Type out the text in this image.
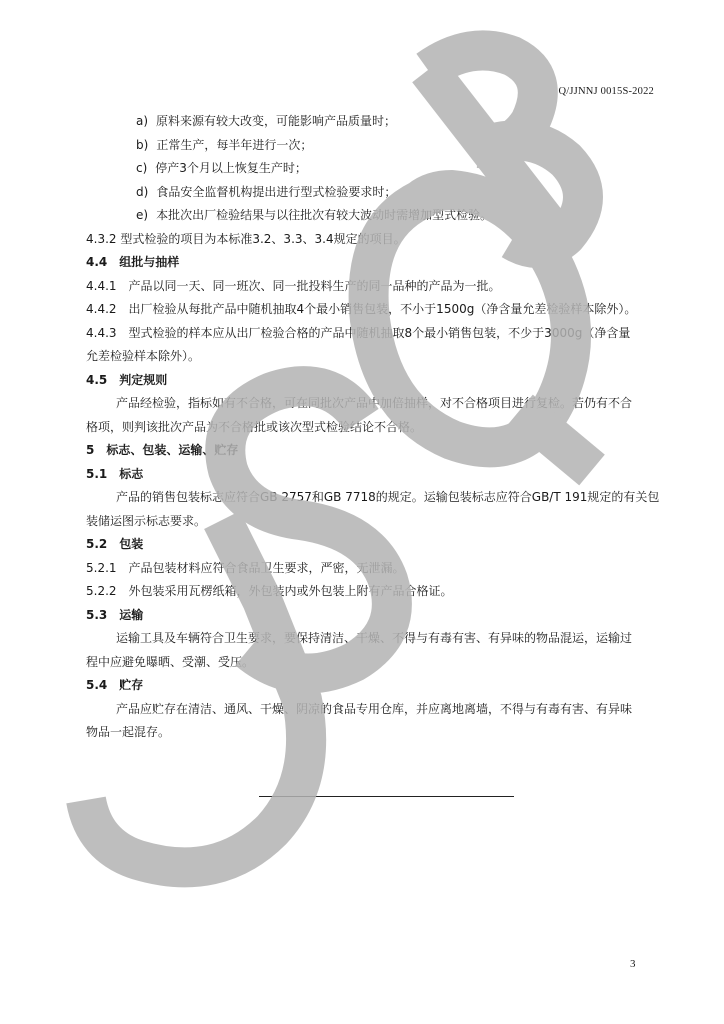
Q/JJNNJ 0015S-2022
a) 原料来源有较大改变，可能影响产品质量时；
b) 正常生产，每半年进行一次；
c) 停产3个月以上恢复生产时；
d) 食品安全监督机构提出进行型式检验要求时；
e) 本批次出厂检验结果与以往批次有较大波动时需增加型式检验。
4.3.2 型式检验的项目为本标准3.2、3.3、3.4规定的项目。
4.4 组批与抽样
4.4.1 产品以同一天、同一班次、同一批投料生产的同一品种的产品为一批。
4.4.2 出厂检验从每批产品中随机抽取4个最小销售包装，不小于1500g（净含量允差检验样本除外）。
4.4.3 型式检验的样本应从出厂检验合格的产品中随机抽取8个最小销售包装，不少于3000g（净含量
允差检验样本除外）。
4.5 判定规则
产品经检验，指标如有不合格，可在同批次产品中加倍抽样，对不合格项目进行复检。若仍有不合
格项，则判该批次产品为不合格批或该次型式检验结论不合格。
5 标志、包装、运输、贮存
5.1 标志
产品的销售包装标志应符合GB 2757和GB 7718的规定。运输包装标志应符合GB/T 191规定的有关包
装储运图示标志要求。
5.2 包装
5.2.1 产品包装材料应符合食品卫生要求，严密，无泄漏。
5.2.2 外包装采用瓦楞纸箱，外包装内或外包装上附有产品合格证。
5.3 运输
运输工具及车辆符合卫生要求，要保持清洁、干燥、不得与有毒有害、有异味的物品混运，运输过
程中应避免曝晒、受潮、受压。
5.4 贮存
产品应贮存在清洁、通风、干燥、阴凉的食品专用仓库，并应离地离墙，不得与有毒有害、有异味
物品一起混存。
3
